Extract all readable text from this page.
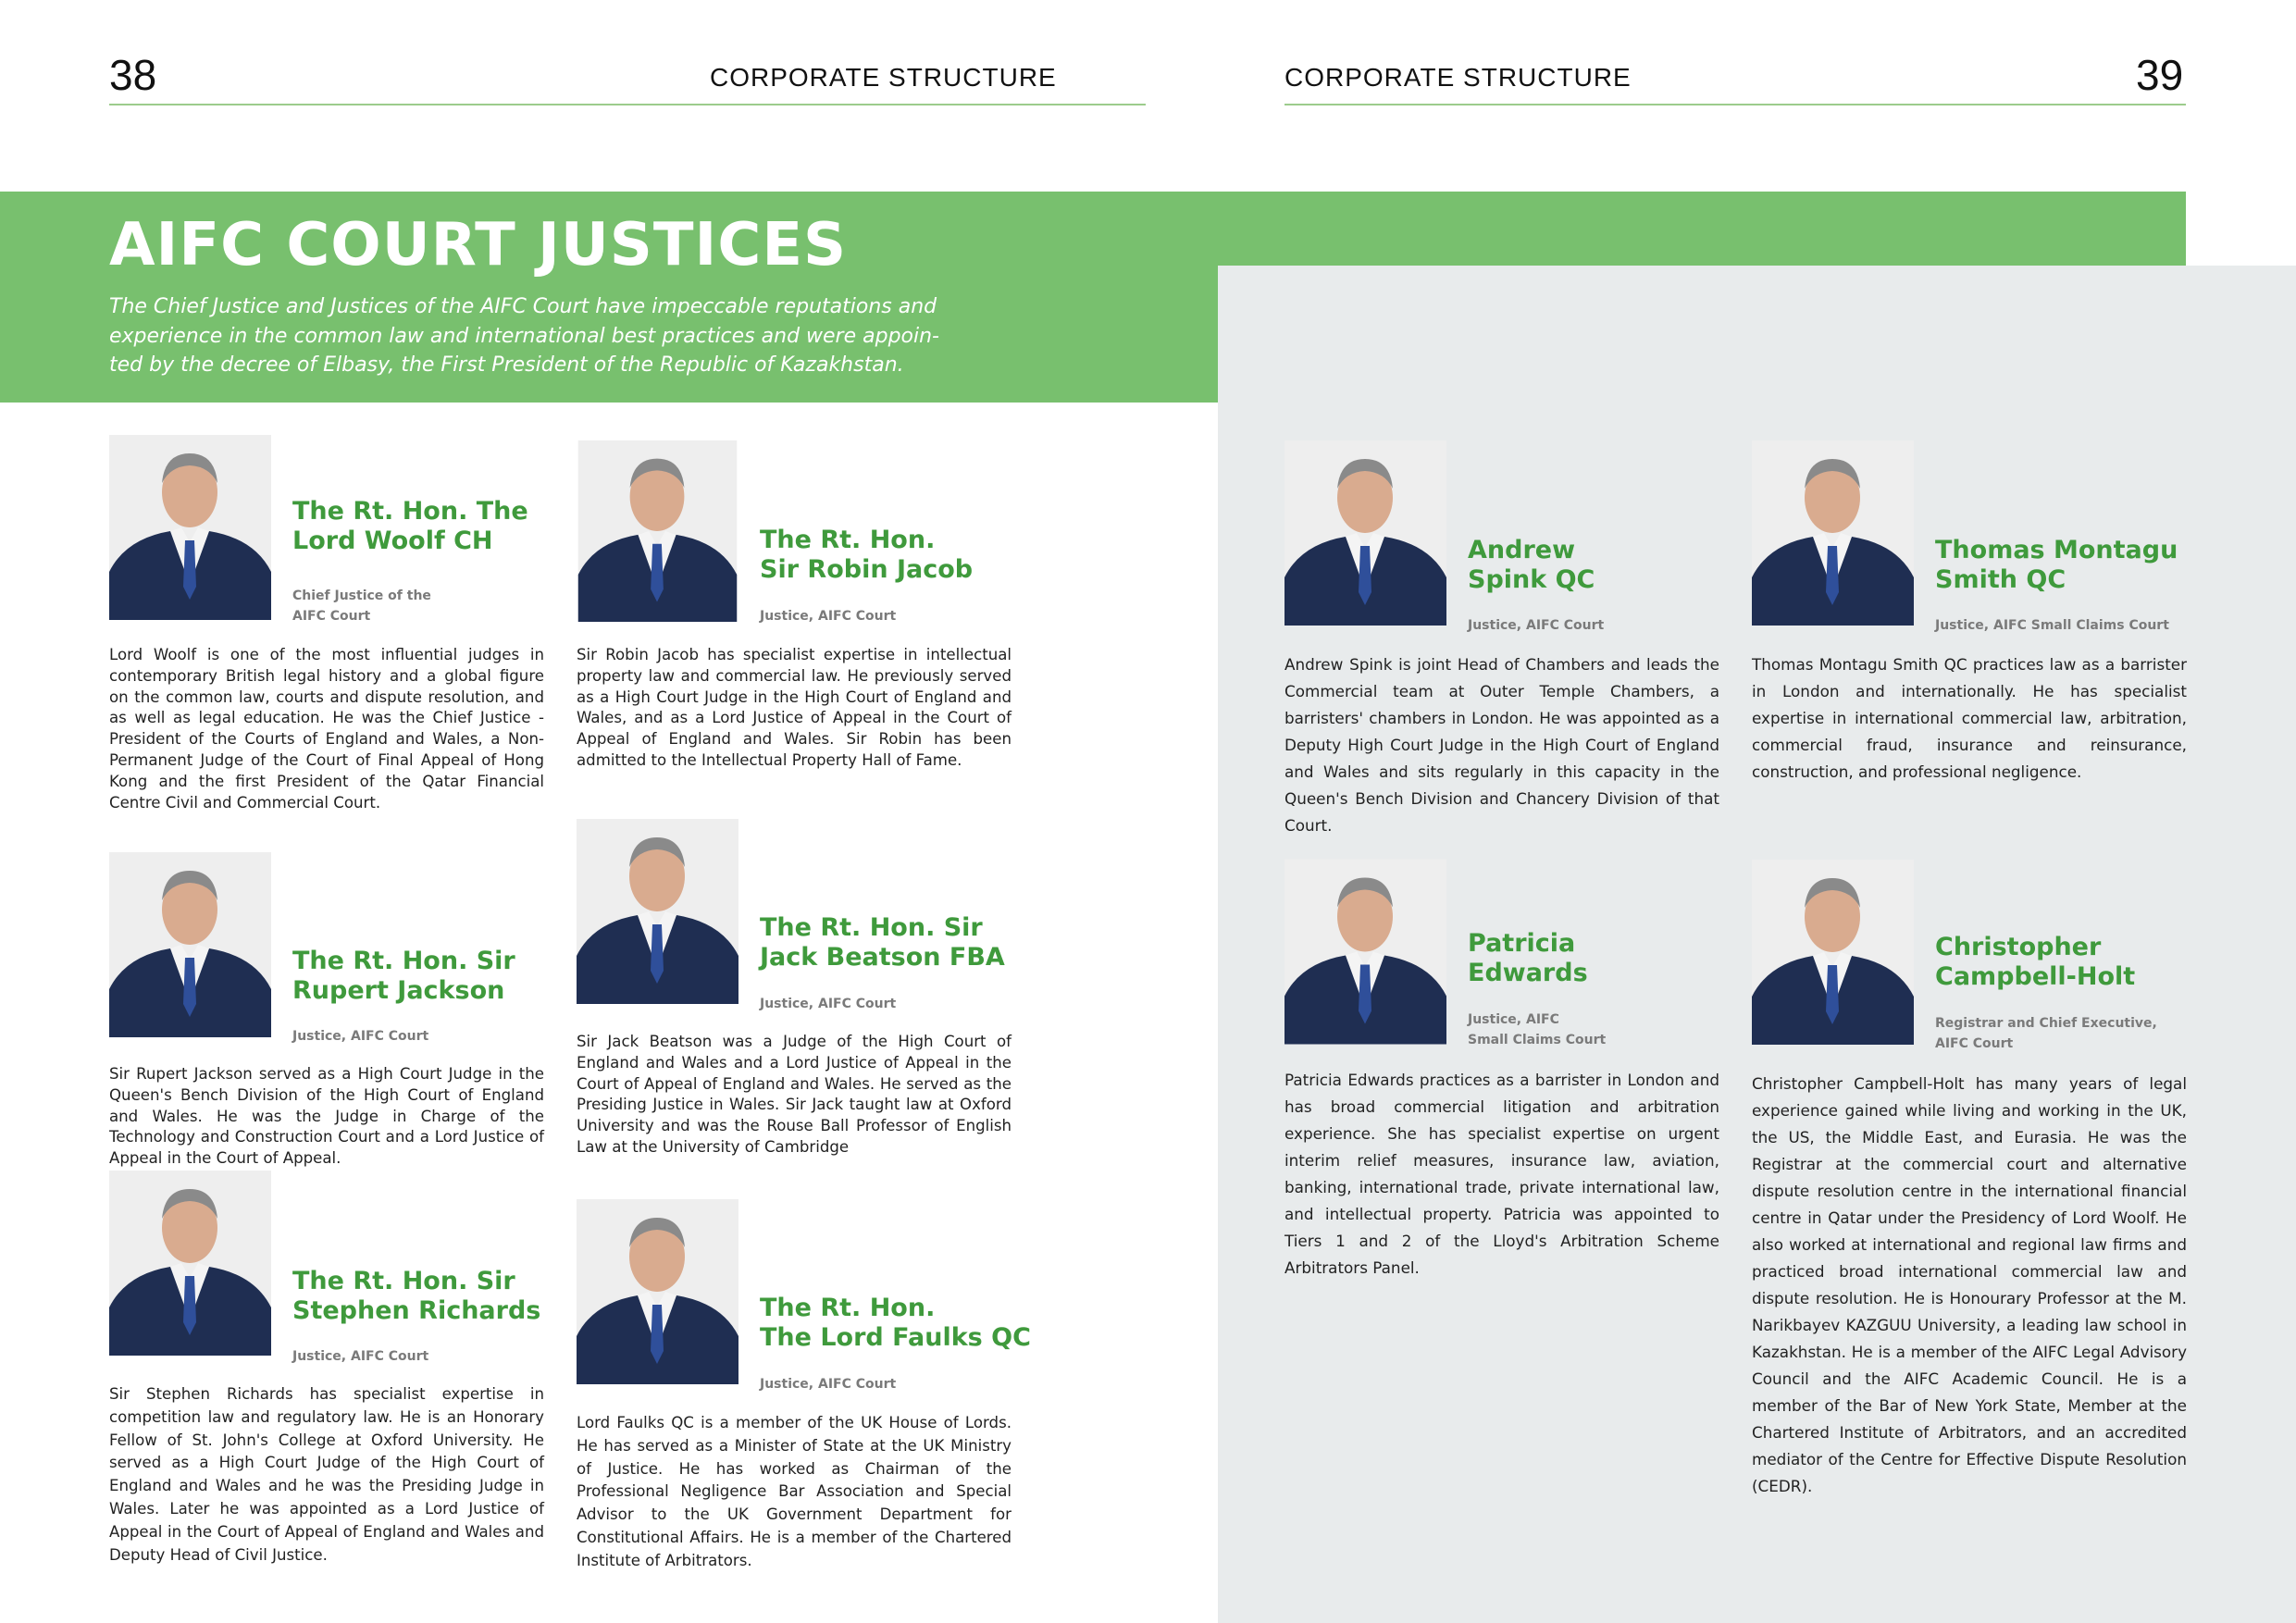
38	CORPORATE STRUCTURE	CORPORATE STRUCTURE	39
AIFC COURT JUSTICES
The Chief Justice and Justices of the AIFC Court have impeccable reputations and
experience in the common law and international best practices and were appoin-
ted by the decree of Elbasy, the First President of the Republic of Kazakhstan.
The Rt. Hon. The
Lord Woolf CH
Chief Justice of the
AIFC Court
Lord Woolf is one of the most influential judges in contemporary British legal history and a global figure on the common law, courts and dispute resolution, and as well as legal education. He was the Chief Justice - President of the Courts of England and Wales, a Non-Permanent Judge of the Court of Final Appeal of Hong Kong and the first President of the Qatar Financial Centre Civil and Commercial Court.
The Rt. Hon.
Sir Robin Jacob
Justice, AIFC Court
Sir Robin Jacob has specialist expertise in intellectual property law and commercial law. He previously served as a High Court Judge in the High Court of England and Wales, and as a Lord Justice of Appeal in the Court of Appeal of England and Wales. Sir Robin has been admitted to the Intellectual Property Hall of Fame.
The Rt. Hon. Sir
Rupert Jackson
Justice, AIFC Court
Sir Rupert Jackson served as a High Court Judge in the Queen's Bench Division of the High Court of England and Wales. He was the Judge in Charge of the Technology and Construction Court and a Lord Justice of Appeal in the Court of Appeal.
The Rt. Hon. Sir
Jack Beatson FBA
Justice, AIFC Court
Sir Jack Beatson was a Judge of the High Court of England and Wales and a Lord Justice of Appeal in the Court of Appeal of England and Wales. He served as the Presiding Justice in Wales. Sir Jack taught law at Oxford University and was the Rouse Ball Professor of English Law at the University of Cambridge
The Rt. Hon. Sir
Stephen Richards
Justice, AIFC Court
Sir Stephen Richards has specialist expertise in competition law and regulatory law. He is an Honorary Fellow of St. John's College at Oxford University. He served as a High Court Judge of the High Court of England and Wales and he was the Presiding Judge in Wales. Later he was appointed as a Lord Justice of Appeal in the Court of Appeal of England and Wales and Deputy Head of Civil Justice.
The Rt. Hon.
The Lord Faulks QC
Justice, AIFC Court
Lord Faulks QC is a member of the UK House of Lords. He has served as a Minister of State at the UK Ministry of Justice. He has worked as Chairman of the Professional Negligence Bar Association and Special Advisor to the UK Government Department for Constitutional Affairs. He is a member of the Chartered Institute of Arbitrators.
Andrew
Spink QC
Justice, AIFC Court
Andrew Spink is joint Head of Chambers and leads the Commercial team at Outer Temple Chambers, a barristers' chambers in London. He was appointed as a Deputy High Court Judge in the High Court of England and Wales and sits regularly in this capacity in the Queen's Bench Division and Chancery Division of that Court.
Thomas Montagu
Smith QC
Justice, AIFC Small Claims Court
Thomas Montagu Smith QC practices law as a barrister in London and internationally. He has specialist expertise in international commercial law, arbitration, commercial fraud, insurance and reinsurance, construction, and professional negligence.
Patricia
Edwards
Justice, AIFC
Small Claims Court
Patricia Edwards practices as a barrister in London and has broad commercial litigation and arbitration experience. She has specialist expertise on urgent interim relief measures, insurance law, aviation, banking, international trade, private international law, and intellectual property. Patricia was appointed to Tiers 1 and 2 of the Lloyd's Arbitration Scheme Arbitrators Panel.
Christopher
Campbell-Holt
Registrar and Chief Executive,
AIFC Court
Christopher Campbell-Holt has many years of legal experience gained while living and working in the UK, the US, the Middle East, and Eurasia. He was the Registrar at the commercial court and alternative dispute resolution centre in the international financial centre in Qatar under the Presidency of Lord Woolf. He also worked at international and regional law firms and practiced broad international commercial law and dispute resolution. He is Honourary Professor at the M. Narikbayev KAZGUU University, a leading law school in Kazakhstan. He is a member of the AIFC Legal Advisory Council and the AIFC Academic Council. He is a member of the Bar of New York State, Member at the Chartered Institute of Arbitrators, and an accredited mediator of the Centre for Effective Dispute Resolution (CEDR).
